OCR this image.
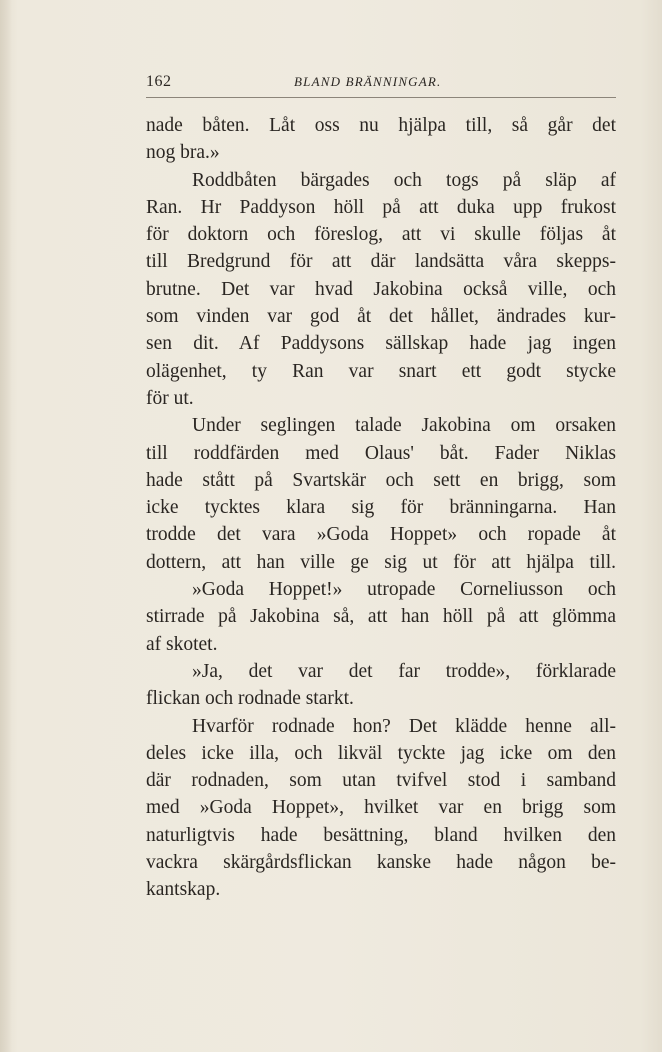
162	BLAND BRÄNNINGAR.
nade båten. Låt oss nu hjälpa till, så går det
nog bra.»
Roddbåten bärgades och togs på släp af
Ran. Hr Paddyson höll på att duka upp frukost
för doktorn och föreslog, att vi skulle följas åt
till Bredgrund för att där landsätta våra skepps-
brutne. Det var hvad Jakobina också ville, och
som vinden var god åt det hållet, ändrades kur-
sen dit. Af Paddysons sällskap hade jag ingen
olägenhet, ty Ran var snart ett godt stycke
för ut.
Under seglingen talade Jakobina om orsaken
till roddfärden med Olaus' båt. Fader Niklas
hade stått på Svartskär och sett en brigg, som
icke tycktes klara sig för bränningarna. Han
trodde det vara »Goda Hoppet» och ropade åt
dottern, att han ville ge sig ut för att hjälpa till.
»Goda Hoppet!» utropade Corneliusson och
stirrade på Jakobina så, att han höll på att glömma
af skotet.
»Ja, det var det far trodde», förklarade
flickan och rodnade starkt.
Hvarför rodnade hon? Det klädde henne all-
deles icke illa, och likväl tyckte jag icke om den
där rodnaden, som utan tvifvel stod i samband
med »Goda Hoppet», hvilket var en brigg som
naturligtvis hade besättning, bland hvilken den
vackra skärgårdsflickan kanske hade någon be-
kantskap.
